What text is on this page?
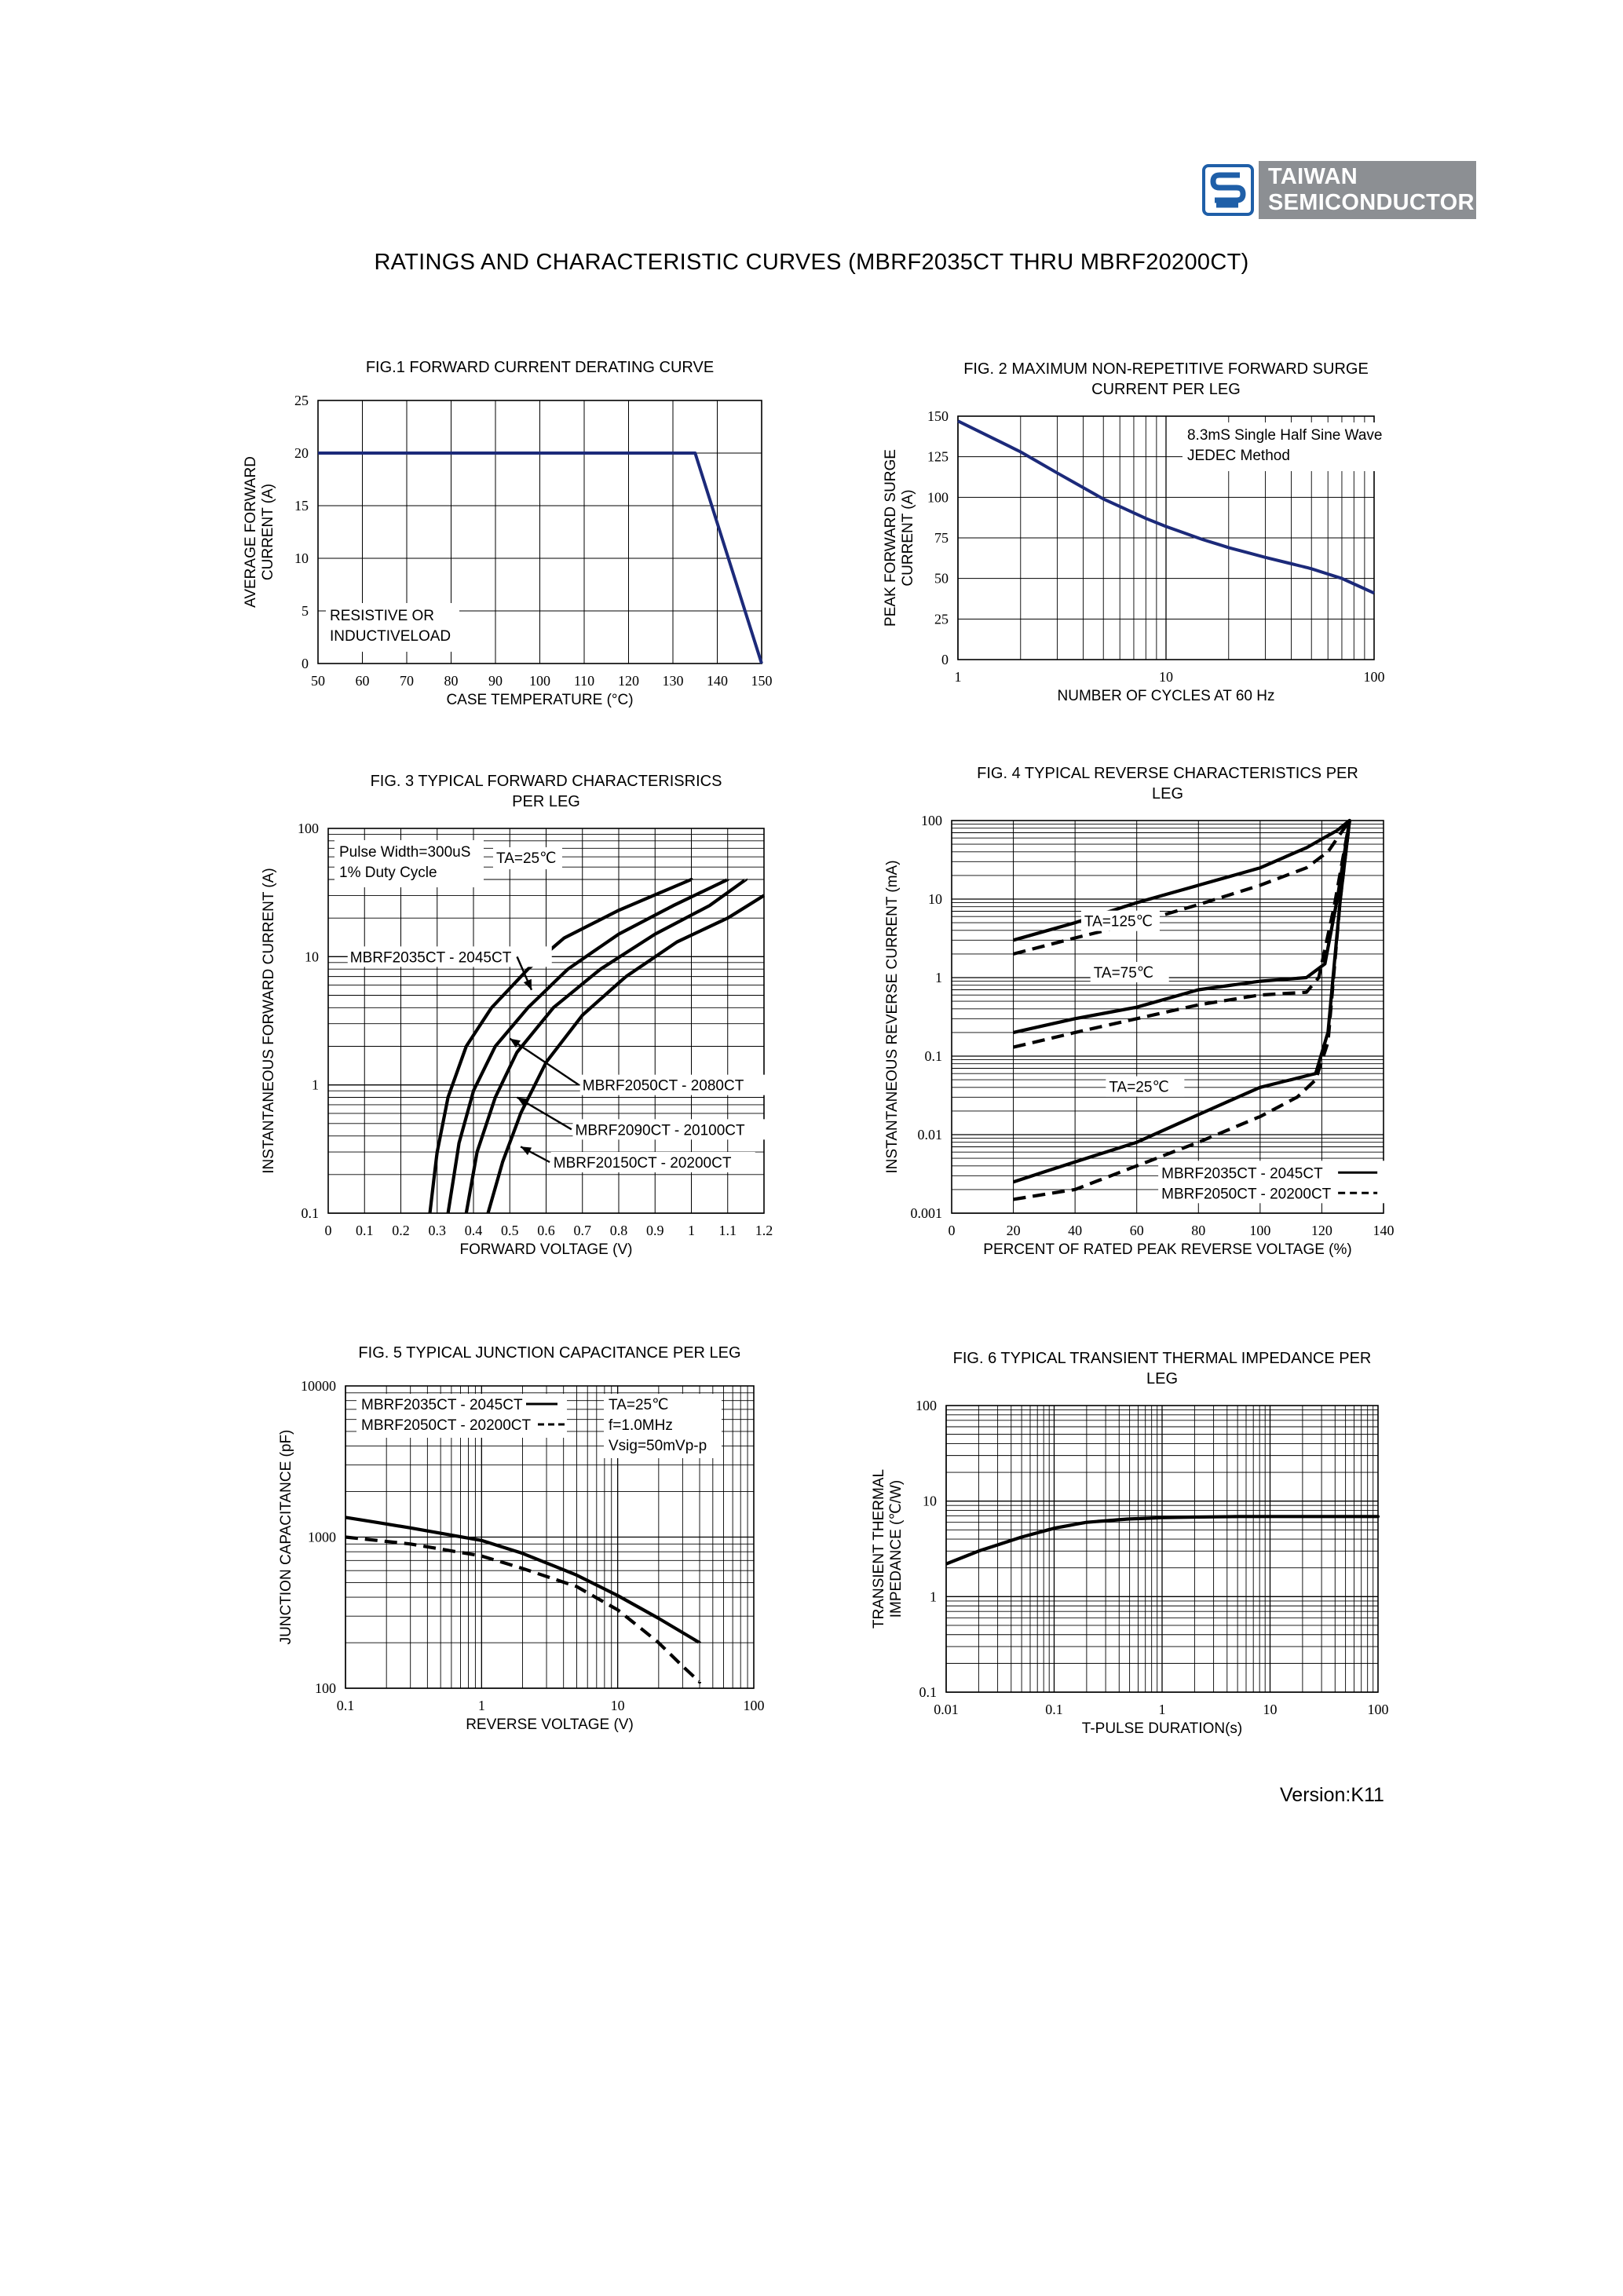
TAIWAN
SEMICONDUCTOR
RATINGS AND CHARACTERISTIC CURVES (MBRF2035CT THRU MBRF20200CT)
FIG.1 FORWARD CURRENT DERATING CURVE
50 60 70 80 90 100 110 120 130 140 150
0
5
10
15
20
25
CASE TEMPERATURE (°C)
AVERAGE FORWARD CURRENT (A)
RESISTIVE OR
INDUCTIVELOAD
FIG. 2 MAXIMUM NON-REPETITIVE FORWARD SURGE
CURRENT PER LEG
1	10	100
0
25
50
75
100
125
150
NUMBER OF CYCLES AT 60 Hz
PEAK FORWARD SURGE CURRENT (A)
8.3mS Single Half Sine Wave
JEDEC Method
FIG. 3 TYPICAL FORWARD CHARACTERISRICS
PER LEG
0 0.1 0.2 0.3 0.4 0.5 0.6 0.7 0.8 0.9 1 1.1 1.2
0.1
1
10
100
FORWARD VOLTAGE (V)
INSTANTANEOUS FORWARD CURRENT (A)
Pulse Width=300uS
1% Duty Cycle
TA=25℃
MBRF2035CT - 2045CT
MBRF2050CT - 2080CT
MBRF2090CT - 20100CT
MBRF20150CT - 20200CT
FIG. 4 TYPICAL REVERSE CHARACTERISTICS PER
LEG
0	20	40	60	80	100	120	140
0.001
0.01
0.1
1
10
100
PERCENT OF RATED PEAK REVERSE VOLTAGE (%)
INSTANTANEOUS REVERSE CURRENT (mA)	TA=125℃
TA=75℃
TA=25℃
MBRF2035CT - 2045CT
MBRF2050CT - 20200CT
FIG. 5 TYPICAL JUNCTION CAPACITANCE PER LEG
0.1	1	10	100
100
1000
10000
REVERSE VOLTAGE (V)
JUNCTION CAPACITANCE (pF)
MBRF2035CT - 2045CT
MBRF2050CT - 20200CT
TA=25℃
f=1.0MHz
Vsig=50mVp-p
FIG. 6 TYPICAL TRANSIENT THERMAL IMPEDANCE PER
LEG
0.01	0.1	1	10	100
0.1
1
10
100
T-PULSE DURATION(s)
TRANSIENT THERMAL IMPEDANCE (℃/W)
Version:K11
